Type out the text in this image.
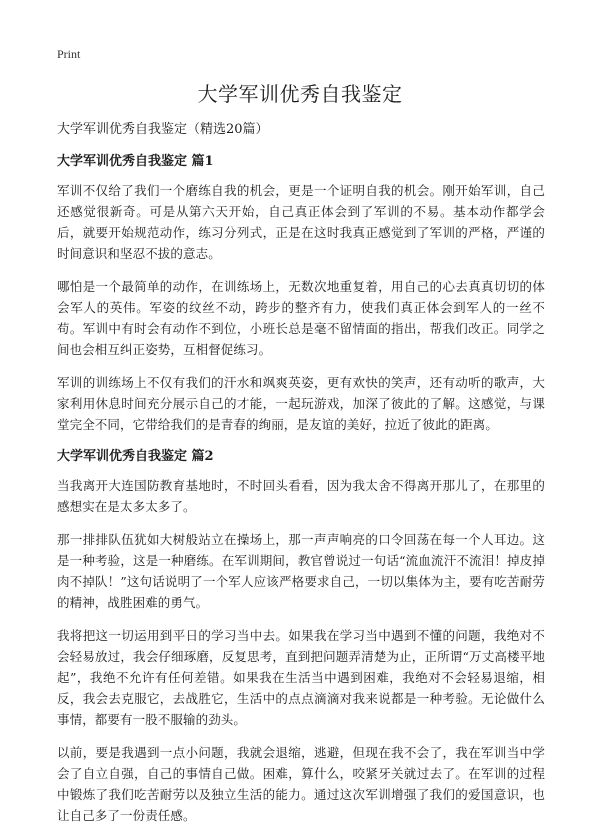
Print
大学军训优秀自我鉴定

大学军训优秀自我鉴定（精选20篇）

大学军训优秀自我鉴定 篇1

军训不仅给了我们一个磨练自我的机会，更是一个证明自我的机会。刚开始军训，自己还感觉很新奇。可是从第六天开始，自己真正体会到了军训的不易。基本动作都学会后，就要开始规范动作，练习分列式，正是在这时我真正感觉到了军训的严格，严谨的时间意识和坚忍不拔的意志。

哪怕是一个最简单的动作，在训练场上，无数次地重复着，用自己的心去真真切切的体会军人的英伟。军姿的纹丝不动，跨步的整齐有力，使我们真正体会到军人的一丝不苟。军训中有时会有动作不到位，小班长总是毫不留情面的指出，帮我们改正。同学之间也会相互纠正姿势，互相督促练习。

军训的训练场上不仅有我们的汗水和飒爽英姿，更有欢快的笑声，还有动听的歌声，大家利用休息时间充分展示自己的才能，一起玩游戏，加深了彼此的了解。这感觉，与课堂完全不同，它带给我们的是青春的绚丽，是友谊的美好，拉近了彼此的距离。

大学军训优秀自我鉴定 篇2

当我离开大连国防教育基地时，不时回头看看，因为我太舍不得离开那儿了，在那里的感想实在是太多太多了。

那一排排队伍犹如大树般站立在操场上，那一声声响亮的口令回荡在每一个人耳边。这是一种考验，这是一种磨练。在军训期间，教官曾说过一句话“流血流汗不流泪！掉皮掉肉不掉队！”这句话说明了一个军人应该严格要求自己，一切以集体为主，要有吃苦耐劳的精神，战胜困难的勇气。

我将把这一切运用到平日的学习当中去。如果我在学习当中遇到不懂的问题，我绝对不会轻易放过，我会仔细琢磨，反复思考，直到把问题弄清楚为止，正所谓“万丈高楼平地起”，我绝不允许有任何差错。如果我在生活当中遇到困难，我绝对不会轻易退缩，相反，我会去克服它，去战胜它，生活中的点点滴滴对我来说都是一种考验。无论做什么事情，都要有一股不服输的劲头。

以前，要是我遇到一点小问题，我就会退缩，逃避，但现在我不会了，我在军训当中学会了自立自强，自己的事情自己做。困难，算什么，咬紧牙关就过去了。在军训的过程中锻炼了我们吃苦耐劳以及独立生活的能力。通过这次军训增强了我们的爱国意识，也让自己多了一份责任感。
